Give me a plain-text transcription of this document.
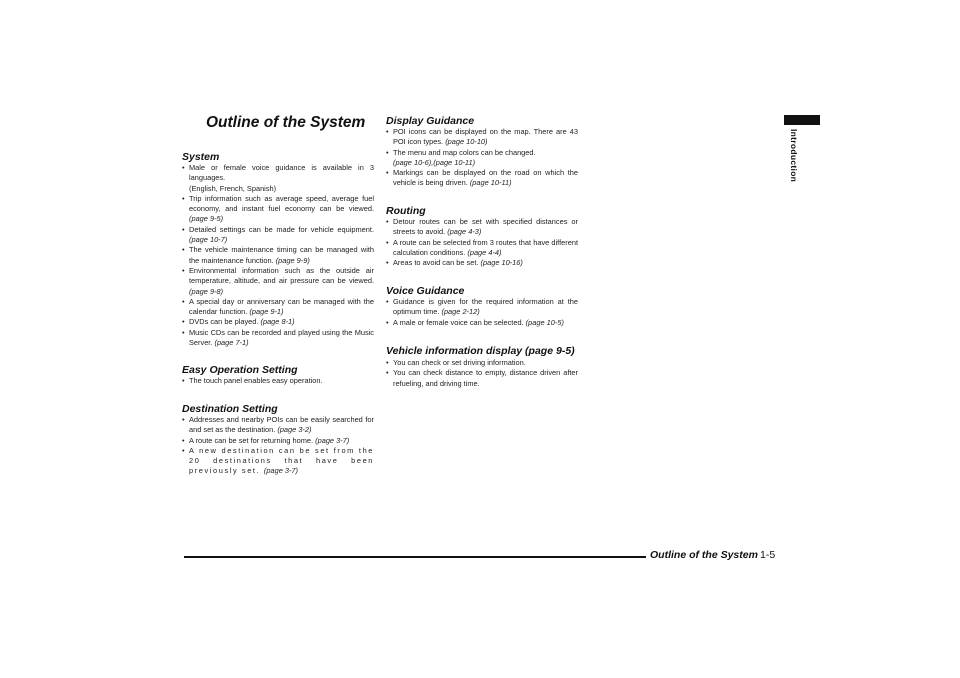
Outline of the System
System
• Male or female voice guidance is available in 3 languages.
(English, French, Spanish)
• Trip information such as average speed, average fuel economy, and instant fuel economy can be viewed. (page 9-5)
• Detailed settings can be made for vehicle equipment. (page 10-7)
• The vehicle maintenance timing can be managed with the maintenance function. (page 9-9)
• Environmental information such as the outside air temperature, altitude, and air pressure can be viewed. (page 9-8)
• A special day or anniversary can be managed with the calendar function. (page 9-1)
• DVDs can be played. (page 8-1)
• Music CDs can be recorded and played using the Music Server. (page 7-1)
Easy Operation Setting
• The touch panel enables easy operation.
Destination Setting
• Addresses and nearby POIs can be easily searched for and set as the destination. (page 3-2)
• A route can be set for returning home. (page 3-7)
• A new destination can be set from the 20 destinations that have been previously set. (page 3-7)
Display Guidance
• POI icons can be displayed on the map. There are 43 POI icon types. (page 10-10)
• The menu and map colors can be changed.
(page 10-6),(page 10-11)
• Markings can be displayed on the road on which the vehicle is being driven. (page 10-11)
Routing
• Detour routes can be set with specified distances or streets to avoid. (page 4-3)
• A route can be selected from 3 routes that have different calculation conditions. (page 4-4)
• Areas to avoid can be set. (page 10-16)
Voice Guidance
• Guidance is given for the required information at the optimum time. (page 2-12)
• A male or female voice can be selected. (page 10-5)
Vehicle information display (page 9-5)
• You can check or set driving information.
• You can check distance to empty, distance driven after refueling, and driving time.
Outline of the System 1-5
Introduction
